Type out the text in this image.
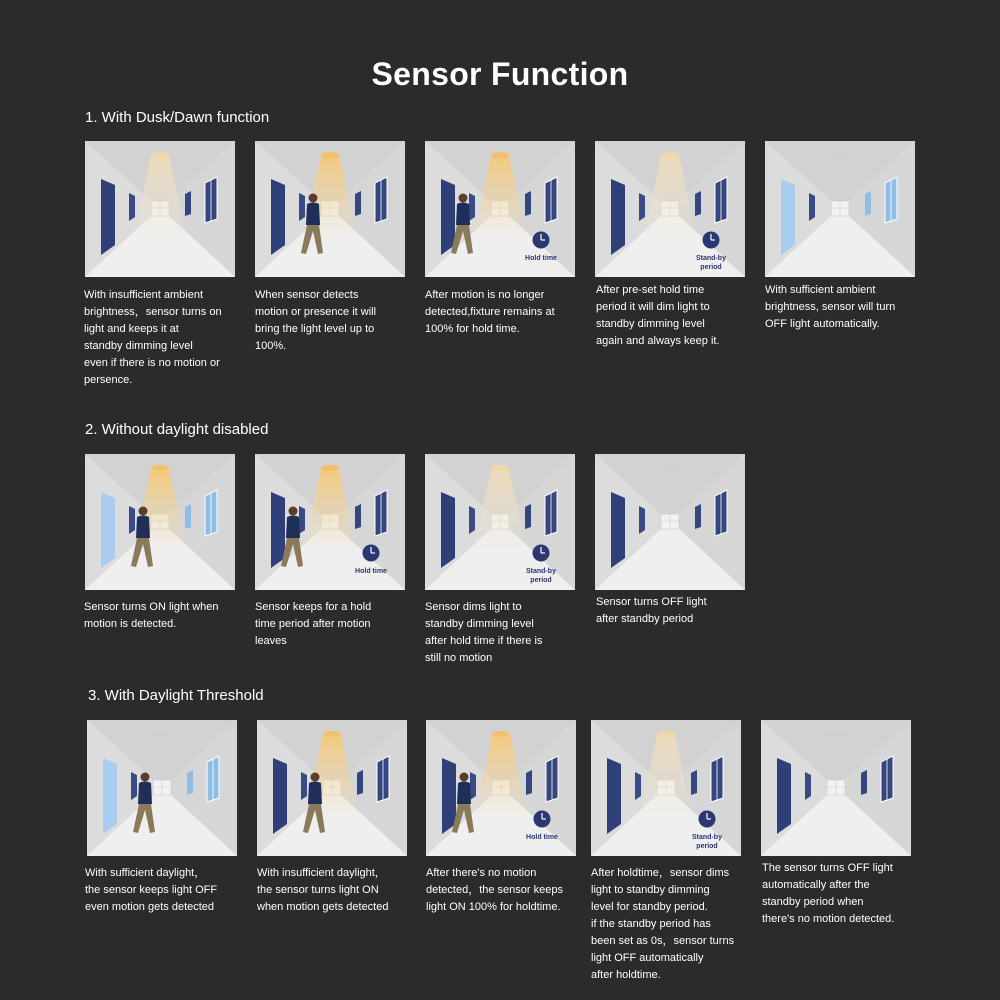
Sensor Function
1. With Dusk/Dawn function
2. Without daylight disabled
3. With Daylight Threshold
Hold time	Stand-by
period
With insufficient ambient
brightness，sensor turns on
light and keeps it at
standby dimming level
even if there is no motion or
persence.
When sensor detects
motion or presence it will
bring the light level up to
100%.
After motion is no longer
detected,fixture remains at
100% for hold time.
After pre-set hold time
period it will dim light to
standby dimming level
again and always keep it.
With sufficient ambient
brightness, sensor will turn
OFF light automatically.
Hold time	Stand-by
period
Sensor turns ON light when
motion is detected.
Sensor keeps for a hold
time period after motion
leaves
Sensor dims light to
standby dimming level
after hold time if there is
still no motion
Sensor turns OFF light
after standby period
Hold time	Stand-by
period
With sufficient daylight，
the sensor keeps light OFF
even motion gets detected
With insufficient daylight，
the sensor turns light ON
when motion gets detected
After there's no motion
detected，the sensor keeps
light ON 100% for holdtime.
After holdtime，sensor dims
light to standby dimming
level for standby period.
if the standby period has
been set as 0s，sensor turns
light OFF automatically
after holdtime.
The sensor turns OFF light
automatically after the
standby period when
there's no motion detected.
